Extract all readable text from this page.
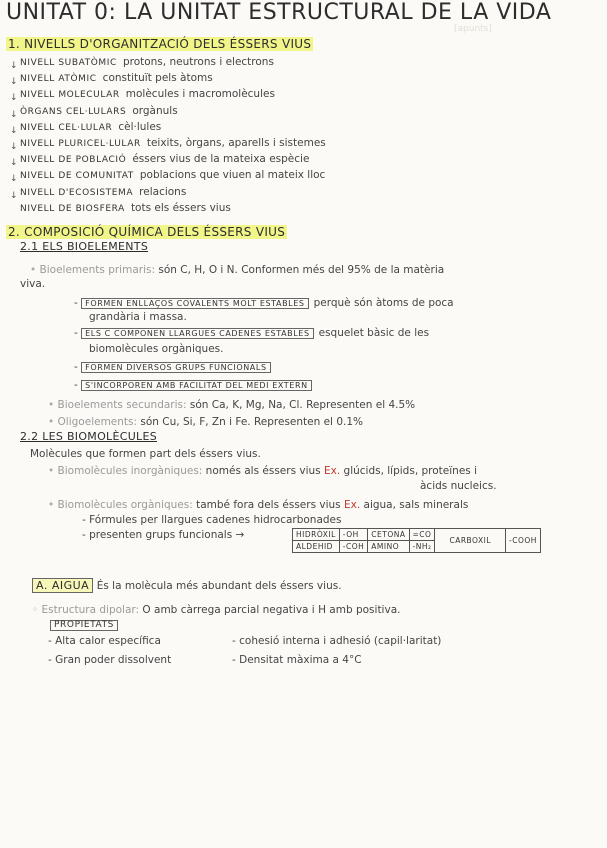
UNITAT 0: LA UNITAT ESTRUCTURAL DE LA VIDA
[apunts]
1. NIVELLS D'ORGANITZACIÓ DELS ÉSSERS VIUS
NIVELL SUBATÒMIC protons, neutrons i electrons
↓
NIVELL ATÒMIC constituït pels àtoms
↓
NIVELL MOLECULAR molècules i macromolècules
↓
ÒRGANS CEL·LULARS orgànuls
↓
NIVELL CEL·LULAR cèl·lules
↓
NIVELL PLURICEL·LULAR teixits, òrgans, aparells i sistemes
↓
NIVELL DE POBLACIÓ éssers vius de la mateixa espècie
↓
NIVELL DE COMUNITAT poblacions que viuen al mateix lloc
↓
NIVELL D'ECOSISTEMA relacions
↓
NIVELL DE BIOSFERA tots els éssers vius
2. COMPOSICIÓ QUÍMICA DELS ÉSSERS VIUS
2.1 ELS BIOELEMENTS
• Bioelements primaris: són C, H, O i N. Conformen més del 95% de la matèria
viva.
- FORMEN ENLLAÇOS COVALENTS MOLT ESTABLES perquè són àtoms de poca
grandària i massa.
- ELS C COMPONEN LLARGUES CADENES ESTABLES esquelet bàsic de les
biomolècules orgàniques.
- FORMEN DIVERSOS GRUPS FUNCIONALS
- S'INCORPOREN AMB FACILITAT DEL MEDI EXTERN
• Bioelements secundaris: són Ca, K, Mg, Na, Cl. Representen el 4.5%
• Oligoelements: són Cu, Si, F, Zn i Fe. Representen el 0.1%
2.2 LES BIOMOLÈCULES
Molècules que formen part dels éssers vius.
• Biomolècules inorgàniques: només als éssers vius Ex. glúcids, lípids, proteïnes i
àcids nucleics.
• Biomolècules orgàniques: també fora dels éssers vius Ex. aigua, sals minerals
- Fórmules per llargues cadenes hidrocarbonades
- presenten grups funcionals →	HIDRÒXIL	-OH	CETONA	=CO	CARBOXIL	-COOH
ALDEHID	-COH	AMINO	-NH₂		
A. AIGUA És la molècula més abundant dels éssers vius.
◦ Estructura dipolar: O amb càrrega parcial negativa i H amb positiva.
PROPIETATS
- Alta calor específica
- Gran poder dissolvent
- cohesió interna i adhesió (capil·laritat)
- Densitat màxima a 4°C
